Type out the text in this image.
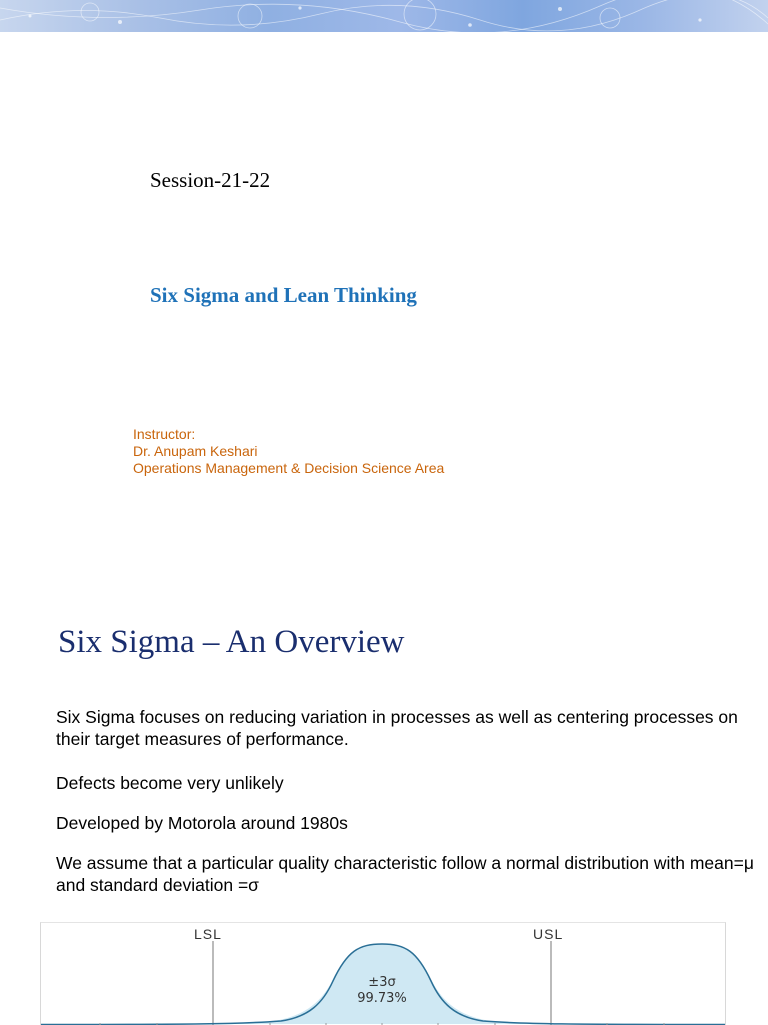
Session-21-22
Six Sigma and Lean Thinking
Instructor:
Dr. Anupam Keshari
Operations Management & Decision Science Area
Six Sigma – An Overview

Six Sigma focuses on reducing variation in processes as well as centering processes on their target measures of performance.

Defects become very unlikely

Developed by Motorola around 1980s

We assume that a particular quality characteristic follow a normal distribution with mean=μ and standard deviation =σ

LSL	USL
±3σ
99.73%
